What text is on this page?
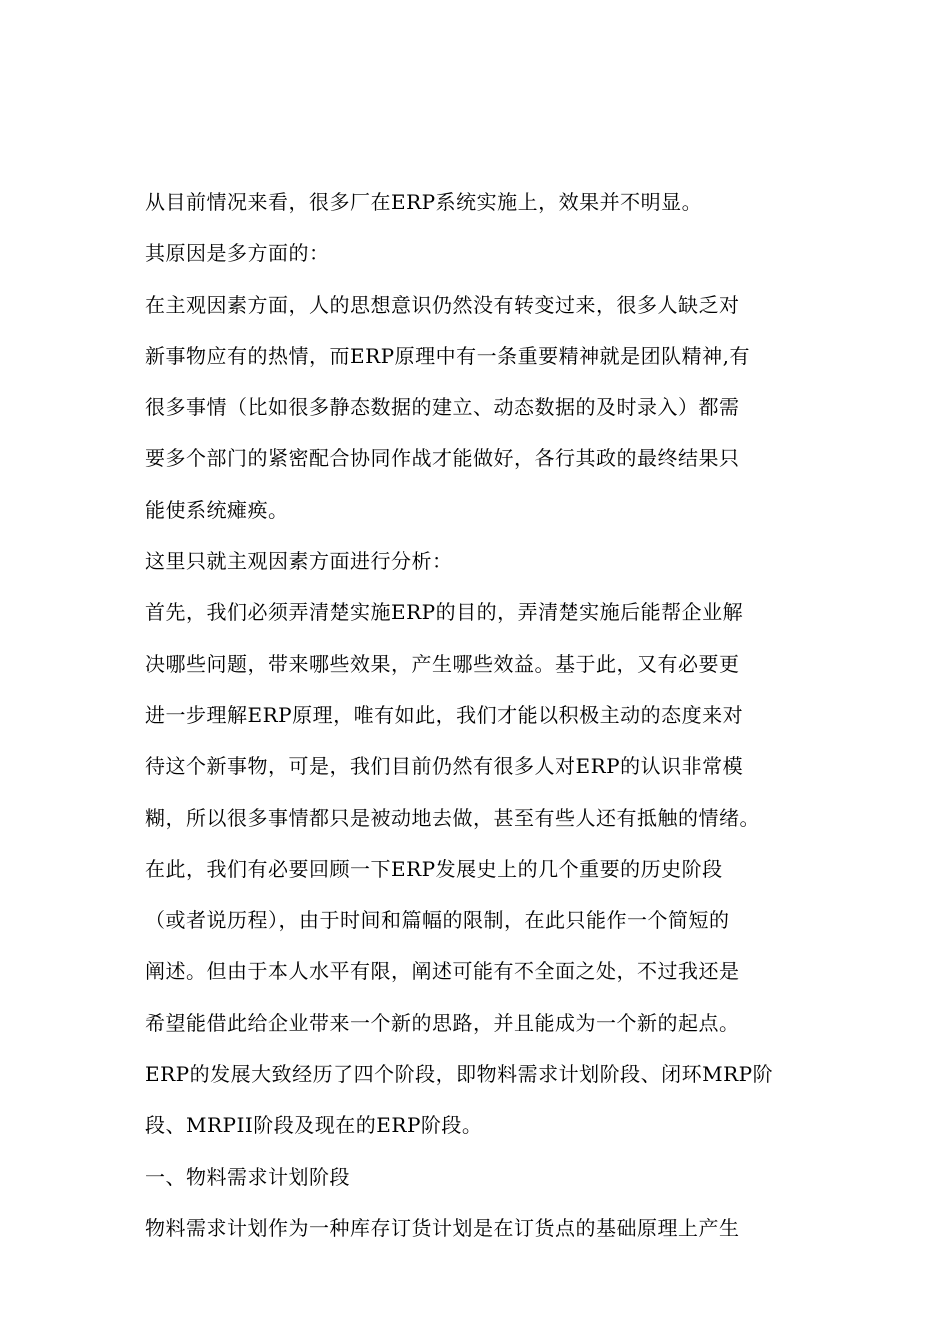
从目前情况来看，很多厂在ERP系统实施上，效果并不明显。
其原因是多方面的：
在主观因素方面，人的思想意识仍然没有转变过来，很多人缺乏对
新事物应有的热情，而ERP原理中有一条重要精神就是团队精神,有
很多事情（比如很多静态数据的建立、动态数据的及时录入）都需
要多个部门的紧密配合协同作战才能做好，各行其政的最终结果只
能使系统瘫痪。
这里只就主观因素方面进行分析：
首先，我们必须弄清楚实施ERP的目的，弄清楚实施后能帮企业解
决哪些问题，带来哪些效果，产生哪些效益。基于此，又有必要更
进一步理解ERP原理，唯有如此，我们才能以积极主动的态度来对
待这个新事物，可是，我们目前仍然有很多人对ERP的认识非常模
糊，所以很多事情都只是被动地去做，甚至有些人还有抵触的情绪。
在此，我们有必要回顾一下ERP发展史上的几个重要的历史阶段
（或者说历程），由于时间和篇幅的限制，在此只能作一个简短的
阐述。但由于本人水平有限，阐述可能有不全面之处，不过我还是
希望能借此给企业带来一个新的思路，并且能成为一个新的起点。
ERP的发展大致经历了四个阶段，即物料需求计划阶段、闭环MRP阶
段、MRPII阶段及现在的ERP阶段。
一、物料需求计划阶段
物料需求计划作为一种库存订货计划是在订货点的基础原理上产生
